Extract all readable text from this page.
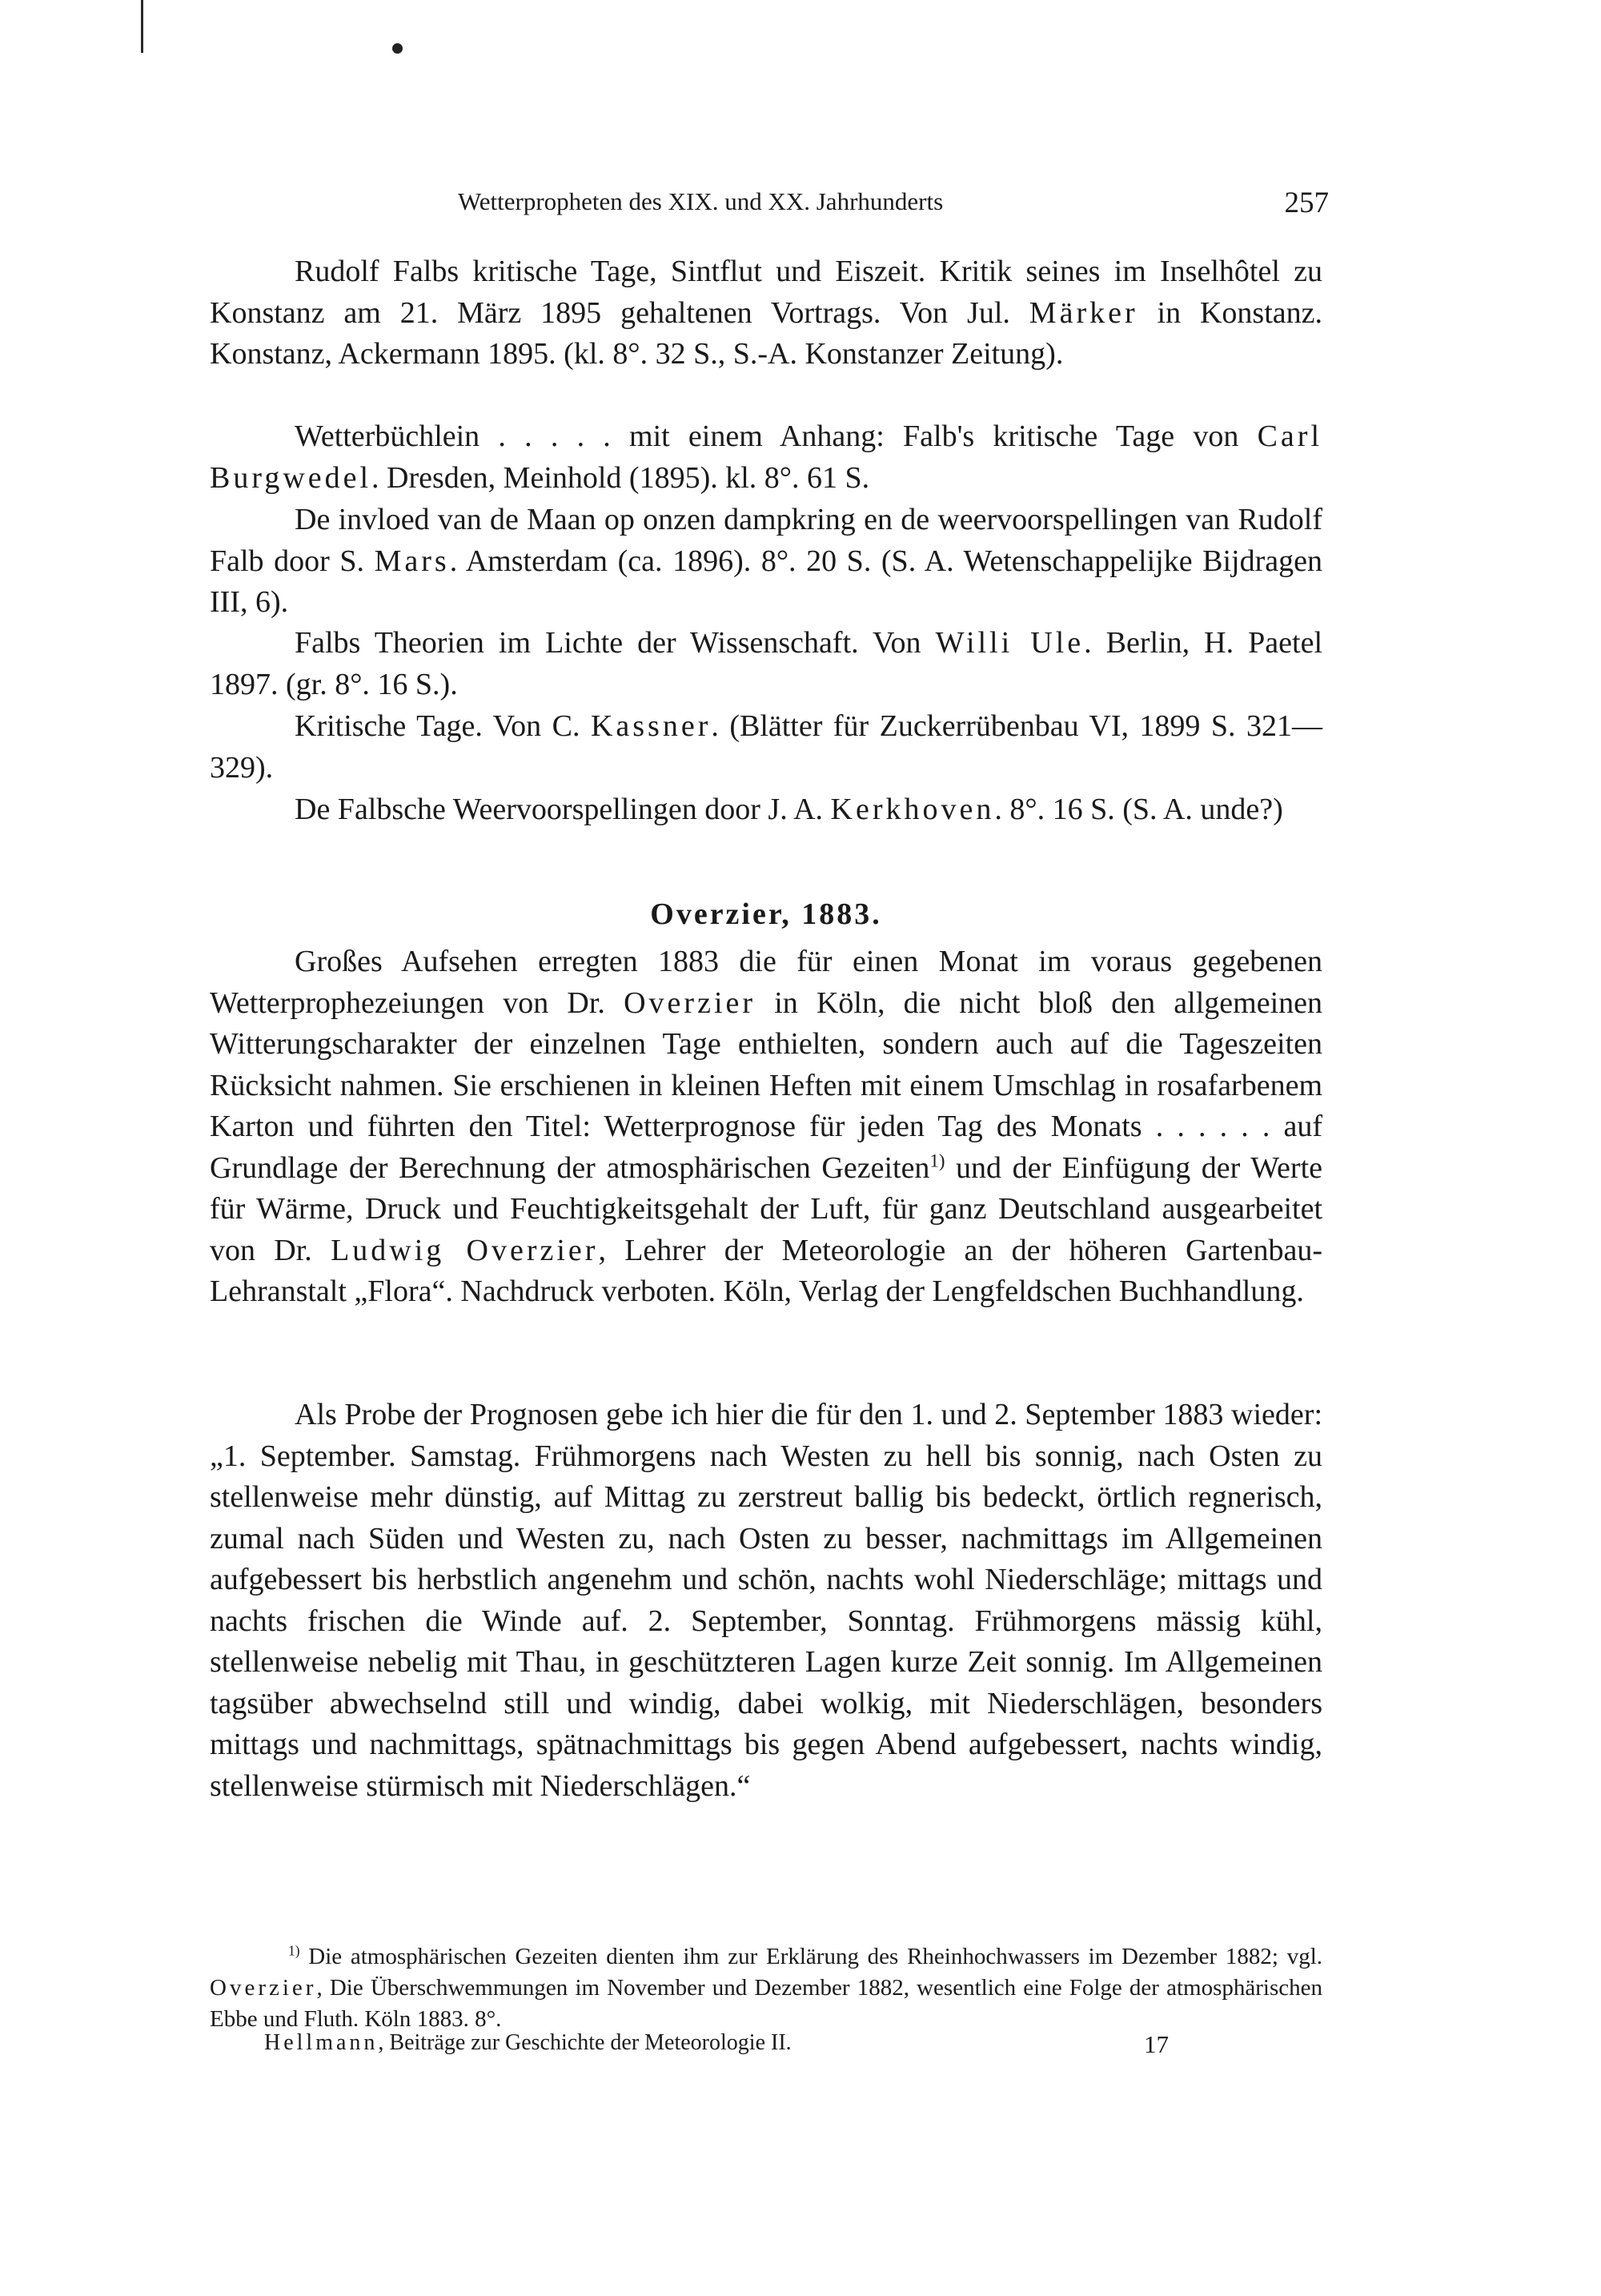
Wetterpropheten des XIX. und XX. Jahrhunderts	257

Rudolf Falbs kritische Tage, Sintflut und Eiszeit. Kritik seines im Inselhôtel zu Konstanz am 21. März 1895 gehaltenen Vortrags. Von Jul. Märker in Konstanz. Konstanz, Ackermann 1895. (kl. 8°. 32 S., S.-A. Konstanzer Zeitung).

Wetterbüchlein . . . . . mit einem Anhang: Falb's kritische Tage von Carl Burgwedel. Dresden, Meinhold (1895). kl. 8°. 61 S.

De invloed van de Maan op onzen dampkring en de weervoorspellingen van Rudolf Falb door S. Mars. Amsterdam (ca. 1896). 8°. 20 S. (S. A. Wetenschappelijke Bijdragen III, 6).

Falbs Theorien im Lichte der Wissenschaft. Von Willi Ule. Berlin, H. Paetel 1897. (gr. 8°. 16 S.).

Kritische Tage. Von C. Kassner. (Blätter für Zuckerrübenbau VI, 1899 S. 321—329).

De Falbsche Weervoorspellingen door J. A. Kerkhoven. 8°. 16 S. (S. A. unde?)

Overzier, 1883.

Großes Aufsehen erregten 1883 die für einen Monat im voraus gegebenen Wetterprophezeiungen von Dr. Overzier in Köln, die nicht bloß den allgemeinen Witterungscharakter der einzelnen Tage enthielten, sondern auch auf die Tageszeiten Rücksicht nahmen. Sie erschienen in kleinen Heften mit einem Umschlag in rosafarbenem Karton und führten den Titel: Wetterprognose für jeden Tag des Monats . . . . . . auf Grundlage der Berechnung der atmosphärischen Gezeiten$^{1)}$ und der Einfügung der Werte für Wärme, Druck und Feuchtigkeitsgehalt der Luft, für ganz Deutschland ausgearbeitet von Dr. Ludwig Overzier, Lehrer der Meteorologie an der höheren Gartenbau-Lehranstalt „Flora“. Nachdruck verboten. Köln, Verlag der Lengfeldschen Buchhandlung.

Als Probe der Prognosen gebe ich hier die für den 1. und 2. September 1883 wieder: „1. September. Samstag. Frühmorgens nach Westen zu hell bis sonnig, nach Osten zu stellenweise mehr dünstig, auf Mittag zu zerstreut ballig bis bedeckt, örtlich regnerisch, zumal nach Süden und Westen zu, nach Osten zu besser, nachmittags im Allgemeinen aufgebessert bis herbstlich angenehm und schön, nachts wohl Niederschläge; mittags und nachts frischen die Winde auf. 2. September, Sonntag. Frühmorgens mässig kühl, stellenweise nebelig mit Thau, in geschützteren Lagen kurze Zeit sonnig. Im Allgemeinen tagsüber abwechselnd still und windig, dabei wolkig, mit Niederschlägen, besonders mittags und nachmittags, spätnachmittags bis gegen Abend aufgebessert, nachts windig, stellenweise stürmisch mit Niederschlägen.“

$^{1)}$ Die atmosphärischen Gezeiten dienten ihm zur Erklärung des Rheinhochwassers im Dezember 1882; vgl. Overzier, Die Überschwemmungen im November und Dezember 1882, wesentlich eine Folge der atmosphärischen Ebbe und Fluth. Köln 1883. 8°.

Hellmann, Beiträge zur Geschichte der Meteorologie II.	17
